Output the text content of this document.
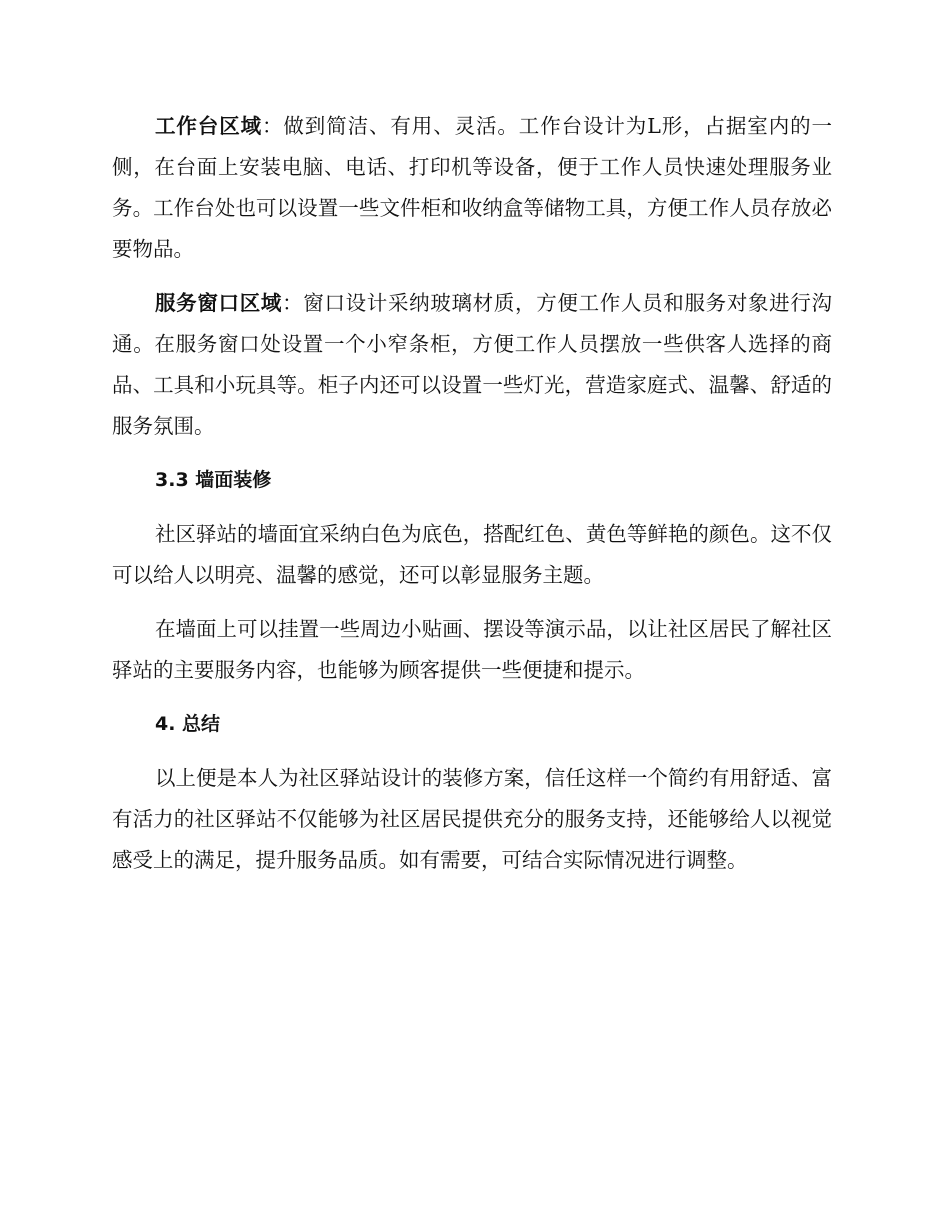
工作台区域：做到简洁、有用、灵活。工作台设计为L形，占据室内的一侧，在台面上安装电脑、电话、打印机等设备，便于工作人员快速处理服务业务。工作台处也可以设置一些文件柜和收纳盒等储物工具，方便工作人员存放必要物品。

服务窗口区域：窗口设计采纳玻璃材质，方便工作人员和服务对象进行沟通。在服务窗口处设置一个小窄条柜，方便工作人员摆放一些供客人选择的商品、工具和小玩具等。柜子内还可以设置一些灯光，营造家庭式、温馨、舒适的服务氛围。

3.3 墙面装修

社区驿站的墙面宜采纳白色为底色，搭配红色、黄色等鲜艳的颜色。这不仅可以给人以明亮、温馨的感觉，还可以彰显服务主题。

在墙面上可以挂置一些周边小贴画、摆设等演示品，以让社区居民了解社区驿站的主要服务内容，也能够为顾客提供一些便捷和提示。

4. 总结

以上便是本人为社区驿站设计的装修方案，信任这样一个简约有用舒适、富有活力的社区驿站不仅能够为社区居民提供充分的服务支持，还能够给人以视觉感受上的满足，提升服务品质。如有需要，可结合实际情况进行调整。
